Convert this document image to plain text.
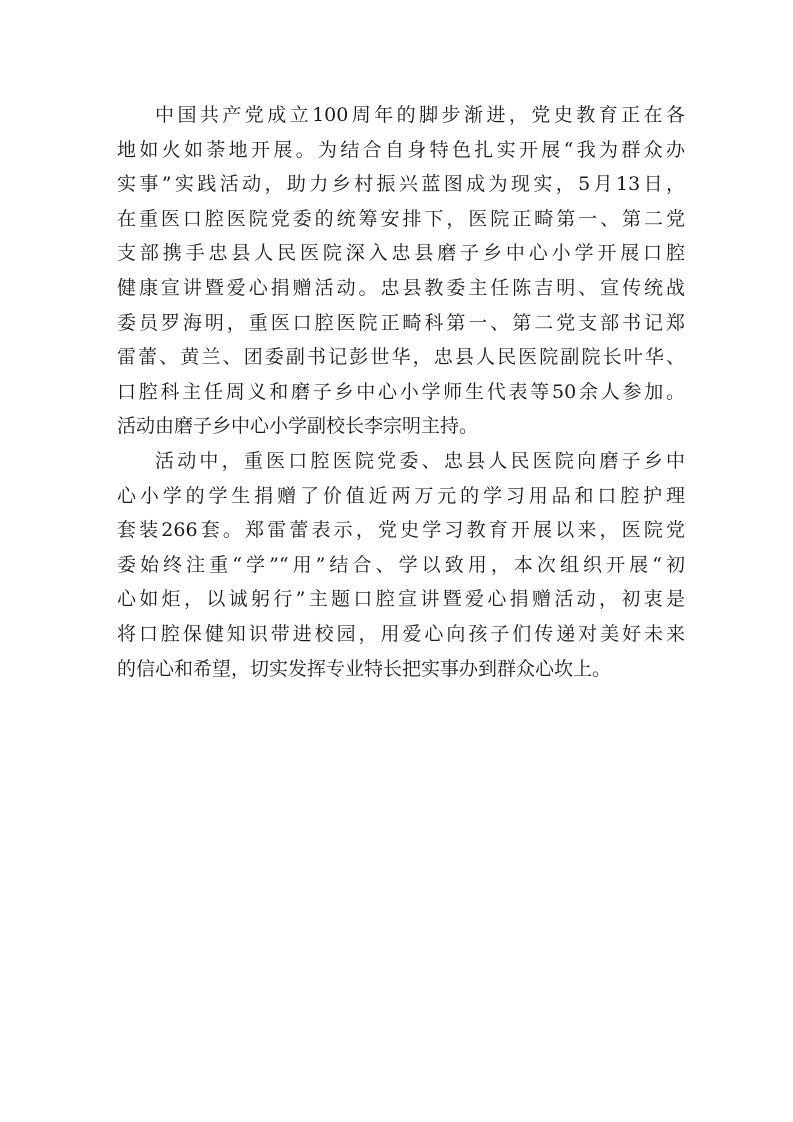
中国共产党成立100周年的脚步渐进，党史教育正在各
地如火如荼地开展。为结合自身特色扎实开展“我为群众办
实事”实践活动，助力乡村振兴蓝图成为现实，5月13日，
在重医口腔医院党委的统筹安排下，医院正畸第一、第二党
支部携手忠县人民医院深入忠县磨子乡中心小学开展口腔
健康宣讲暨爱心捐赠活动。忠县教委主任陈吉明、宣传统战
委员罗海明，重医口腔医院正畸科第一、第二党支部书记郑
雷蕾、黄兰、团委副书记彭世华，忠县人民医院副院长叶华、
口腔科主任周义和磨子乡中心小学师生代表等50余人参加。
活动由磨子乡中心小学副校长李宗明主持。
活动中，重医口腔医院党委、忠县人民医院向磨子乡中
心小学的学生捐赠了价值近两万元的学习用品和口腔护理
套装266套。郑雷蕾表示，党史学习教育开展以来，医院党
委始终注重“学”“用”结合、学以致用，本次组织开展“初
心如炬，以诚躬行”主题口腔宣讲暨爱心捐赠活动，初衷是
将口腔保健知识带进校园，用爱心向孩子们传递对美好未来
的信心和希望，切实发挥专业特长把实事办到群众心坎上。
